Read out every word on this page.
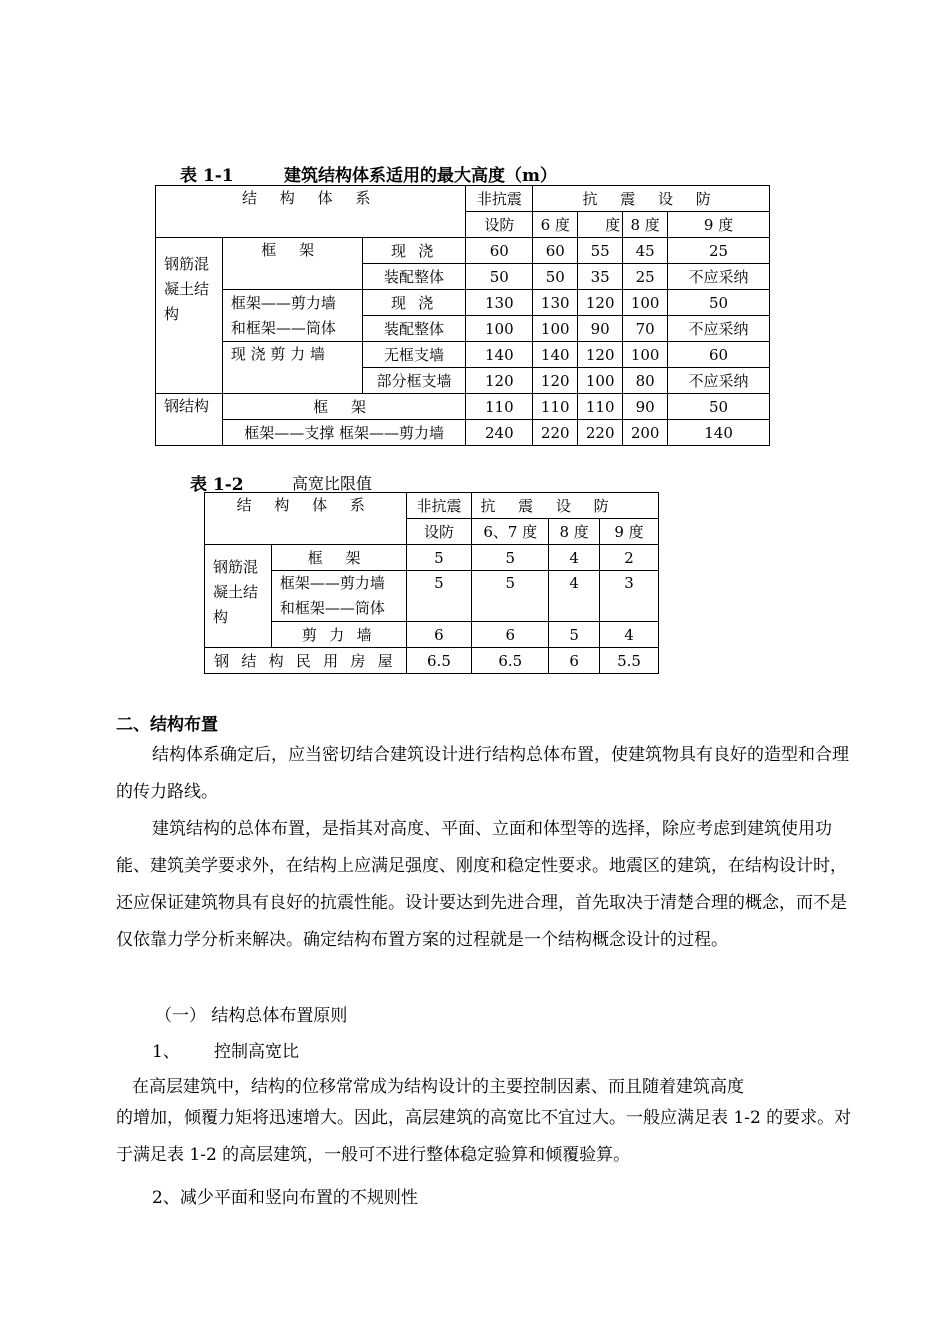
表 1-1	建筑结构体系适用的最大高度（m）
结 构 体 系			非抗震	抗 震 设 防			
			设防	6 度	度	8 度	9 度
钢筋混凝土结构	框 架	现 浇	60	60	55	45	25
		装配整体	50	50	35	25	不应采纳

	框架——剪力墙
和框架——筒体	现 浇	130	130	120	100	50
		装配整体	100	100	90	70	不应采纳
	现 浇 剪 力 墙	无框支墙	140	140	120	100	60
		部分框支墙	120	120	100	80	不应采纳
钢结构	框 架		110	110	110	90	50
	框架——支撑 框架——剪力墙		240	220	220	200	140
表 1-2	高宽比限值
结 构 体 系		非抗震	抗 震 设 防		
		设防	6、7 度	8 度	9 度
钢筋混凝土结构	框 架	5	5	4	2

	框架——剪力墙
和框架——筒体	5	5	4	3
	剪 力 墙	6	6	5	4
钢 结 构 民 用 房 屋		6.5	6.5	6	5.5
二、结构布置
结构体系确定后，应当密切结合建筑设计进行结构总体布置，使建筑物具有良好的造型和合理的传力路线。
建筑结构的总体布置，是指其对高度、平面、立面和体型等的选择，除应考虑到建筑使用功能、建筑美学要求外，在结构上应满足强度、刚度和稳定性要求。地震区的建筑，在结构设计时，还应保证建筑物具有良好的抗震性能。设计要达到先进合理，首先取决于清楚合理的概念，而不是仅依靠力学分析来解决。确定结构布置方案的过程就是一个结构概念设计的过程。
（一） 结构总体布置原则
1、 控制高宽比
在高层建筑中，结构的位移常常成为结构设计的主要控制因素、而且随着建筑高度
的增加，倾覆力矩将迅速增大。因此，高层建筑的高宽比不宜过大。一般应满足表 1-2 的要求。对于满足表 1-2 的高层建筑，一般可不进行整体稳定验算和倾覆验算。
2、减少平面和竖向布置的不规则性
